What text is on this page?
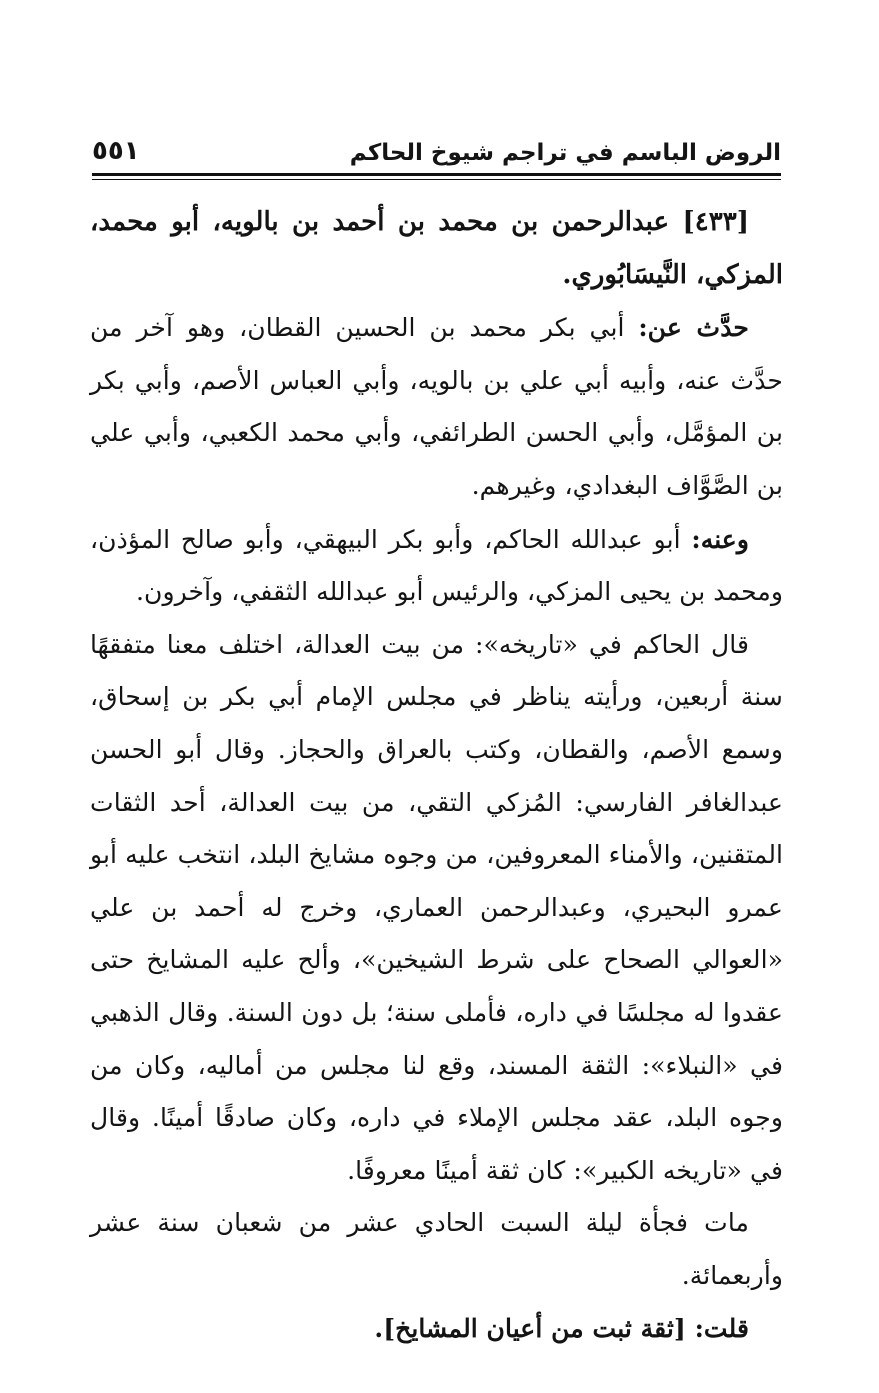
الروض الباسم في تراجم شيوخ الحاكم
٥٥١

[٤٣٣] عبدالرحمن بن محمد بن أحمد بن بالويه، أبو محمد، المزكي، النَّيسَابُوري.

حدَّث عن: أبي بكر محمد بن الحسين القطان، وهو آخر من حدَّث عنه، وأبيه أبي علي بن بالويه، وأبي العباس الأصم، وأبي بكر بن المؤمَّل، وأبي الحسن الطرائفي، وأبي محمد الكعبي، وأبي علي بن الصَّوَّاف البغدادي، وغيرهم.

وعنه: أبو عبدالله الحاكم، وأبو بكر البيهقي، وأبو صالح المؤذن، ومحمد بن يحيى المزكي، والرئيس أبو عبدالله الثقفي، وآخرون.

قال الحاكم في «تاريخه»: من بيت العدالة، اختلف معنا متفقهًا سنة أربعين، ورأيته يناظر في مجلس الإمام أبي بكر بن إسحاق، وسمع الأصم، والقطان، وكتب بالعراق والحجاز. وقال أبو الحسن عبدالغافر الفارسي: المُزكي التقي، من بيت العدالة، أحد الثقات المتقنين، والأمناء المعروفين، من وجوه مشايخ البلد، انتخب عليه أبو عمرو البحيري، وعبدالرحمن العماري، وخرج له أحمد بن علي «العوالي الصحاح على شرط الشيخين»، وألح عليه المشايخ حتى عقدوا له مجلسًا في داره، فأملى سنة؛ بل دون السنة. وقال الذهبي في «النبلاء»: الثقة المسند، وقع لنا مجلس من أماليه، وكان من وجوه البلد، عقد مجلس الإملاء في داره، وكان صادقًا أمينًا. وقال في «تاريخه الكبير»: كان ثقة أمينًا معروفًا.

مات فجأة ليلة السبت الحادي عشر من شعبان سنة عشر وأربعمائة.

قلت: [ثقة ثبت من أعيان المشايخ].
